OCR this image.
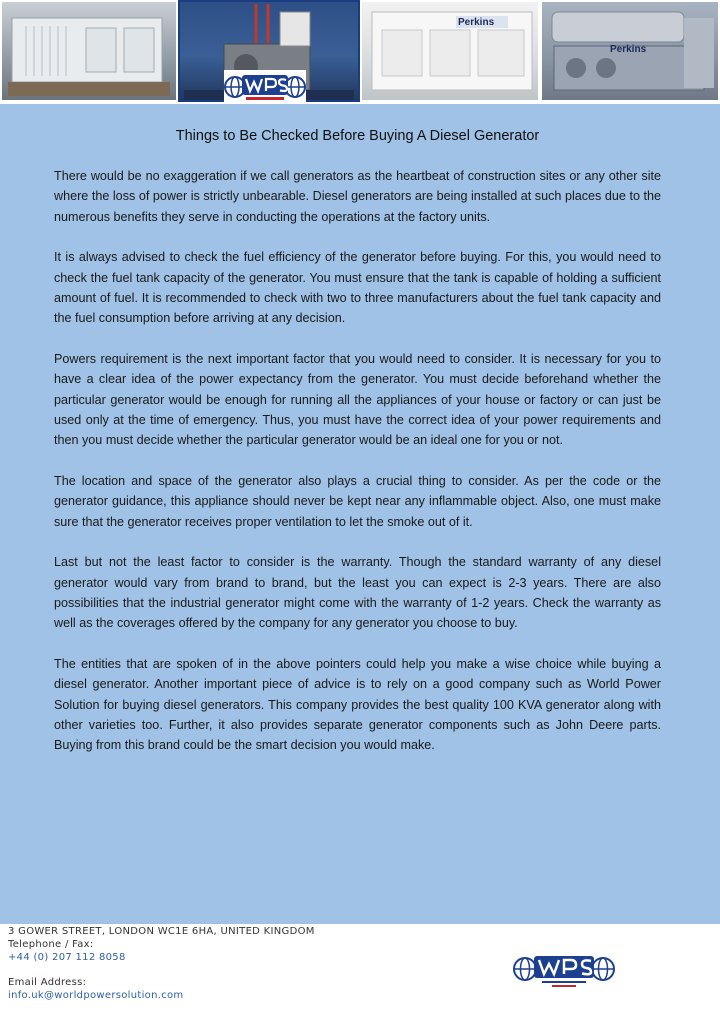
Perkins
Perkins
Things to Be Checked Before Buying A Diesel Generator

There would be no exaggeration if we call generators as the heartbeat of construction sites or any other site where the loss of power is strictly unbearable. Diesel generators are being installed at such places due to the numerous benefits they serve in conducting the operations at the factory units.

It is always advised to check the fuel efficiency of the generator before buying. For this, you would need to check the fuel tank capacity of the generator. You must ensure that the tank is capable of holding a sufficient amount of fuel. It is recommended to check with two to three manufacturers about the fuel tank capacity and the fuel consumption before arriving at any decision.

Powers requirement is the next important factor that you would need to consider. It is necessary for you to have a clear idea of the power expectancy from the generator. You must decide beforehand whether the particular generator would be enough for running all the appliances of your house or factory or can just be used only at the time of emergency. Thus, you must have the correct idea of your power requirements and then you must decide whether the particular generator would be an ideal one for you or not.

The location and space of the generator also plays a crucial thing to consider. As per the code or the generator guidance, this appliance should never be kept near any inflammable object. Also, one must make sure that the generator receives proper ventilation to let the smoke out of it.

Last but not the least factor to consider is the warranty. Though the standard warranty of any diesel generator would vary from brand to brand, but the least you can expect is 2-3 years. There are also possibilities that the industrial generator might come with the warranty of 1-2 years. Check the warranty as well as the coverages offered by the company for any generator you choose to buy.

The entities that are spoken of in the above pointers could help you make a wise choice while buying a diesel generator. Another important piece of advice is to rely on a good company such as World Power Solution for buying diesel generators. This company provides the best quality 100 KVA generator along with other varieties too. Further, it also provides separate generator components such as John Deere parts. Buying from this brand could be the smart decision you would make.

3 GOWER STREET, LONDON WC1E 6HA, UNITED KINGDOM
Telephone / Fax:
+44 (0) 207 112 8058
Email Address:
info.uk@worldpowersolution.com
